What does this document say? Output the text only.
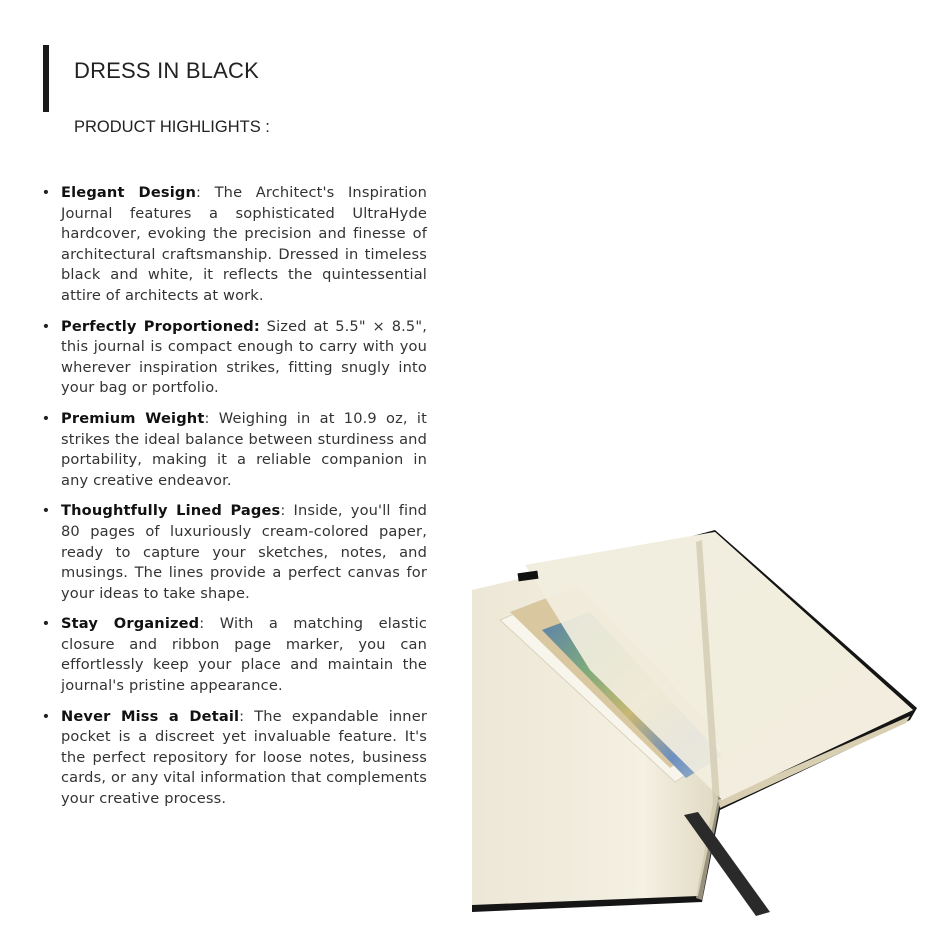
DRESS IN BLACK
PRODUCT HIGHLIGHTS :
• Elegant Design: The Architect's Inspiration Journal features a sophisticated UltraHyde hardcover, evoking the precision and finesse of architectural craftsmanship. Dressed in timeless black and white, it reflects the quintessential attire of architects at work.
• Perfectly Proportioned: Sized at 5.5" × 8.5", this journal is compact enough to carry with you wherever inspiration strikes, fitting snugly into your bag or portfolio.
• Premium Weight: Weighing in at 10.9 oz, it strikes the ideal balance between sturdiness and portability, making it a reliable companion in any creative endeavor.
• Thoughtfully Lined Pages: Inside, you'll find 80 pages of luxuriously cream-colored paper, ready to capture your sketches, notes, and musings. The lines provide a perfect canvas for your ideas to take shape.
• Stay Organized: With a matching elastic closure and ribbon page marker, you can effortlessly keep your place and maintain the journal's pristine appearance.
• Never Miss a Detail: The expandable inner pocket is a discreet yet invaluable feature. It's the perfect repository for loose notes, business cards, or any vital information that complements your creative process.
